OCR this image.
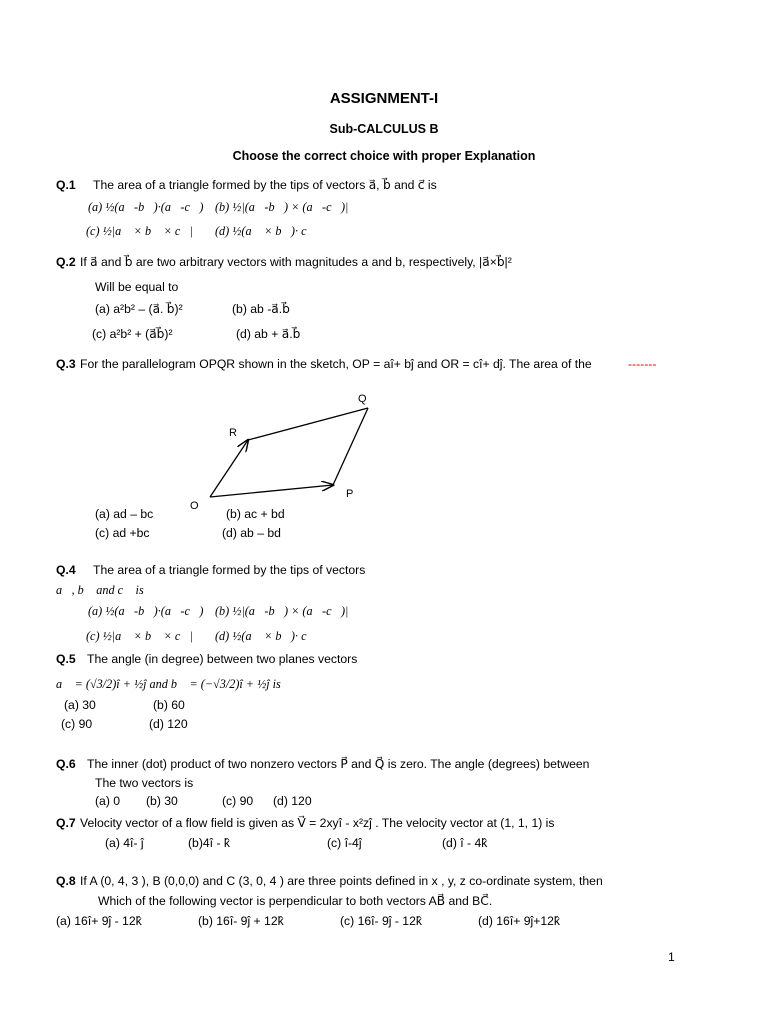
ASSIGNMENT-I
Sub-CALCULUS B
Choose the correct choice with proper Explanation
Q.1 The area of a triangle formed by the tips of vectors a⃗, b⃗ and c⃗ is
(a) ½(a⃗-b⃗)·(a⃗-c⃗) (b) ½|(a⃗-b⃗) × (a⃗-c⃗)|
(c) ½|a⃗ × b⃗ × c⃗| (d) ½(a⃗ × b⃗)· c⃗
Q.2 If a⃗ and b⃗ are two arbitrary vectors with magnitudes a and b, respectively, |a⃗×b⃗|²
Will be equal to
(a) a²b² – (a⃗. b⃗)²	(b) ab -a⃗.b⃗
(c) a²b² + (a⃗b⃗)²	(d) ab + a⃗.b⃗
Q.3 For the parallelogram OPQR shown in the sketch, OP = aî+ bĵ and OR = cî+ dĵ. The area of the	-------
O
P
Q
R
(a) ad – bc	(b) ac + bd
(c) ad +bc	(d) ab – bd
Q.4 The area of a triangle formed by the tips of vectors
a⃗, b⃗ and c⃗ is
(a) ½(a⃗-b⃗)·(a⃗-c⃗) (b) ½|(a⃗-b⃗) × (a⃗-c⃗)|
(c) ½|a⃗ × b⃗ × c⃗| (d) ½(a⃗ × b⃗)· c⃗
Q.5 The angle (in degree) between two planes vectors
a⃗ = (√3/2)î + ½ĵ and b⃗ = (−√3/2)î + ½ĵ is
(a) 30	(b) 60
(c) 90	(d) 120
Q.6 The inner (dot) product of two nonzero vectors P⃗ and Q⃗ is zero. The angle (degrees) between
The two vectors is
(a) 0 (b) 30	(c) 90 (d) 120
Q.7 Velocity vector of a flow field is given as V⃗ = 2xyî - x²zĵ . The velocity vector at (1, 1, 1) is
(a) 4î- ĵ	(b)4î - k̂	(c) î-4ĵ	(d) î - 4k̂
Q.8 If A (0, 4, 3 ), B (0,0,0) and C (3, 0, 4 ) are three points defined in x , y, z co-ordinate system, then
Which of the following vector is perpendicular to both vectors AB⃗ and BC⃗.
(a) 16î+ 9ĵ - 12k̂	(b) 16î- 9ĵ + 12k̂	(c) 16î- 9ĵ - 12k̂	(d) 16î+ 9ĵ+12k̂
1
